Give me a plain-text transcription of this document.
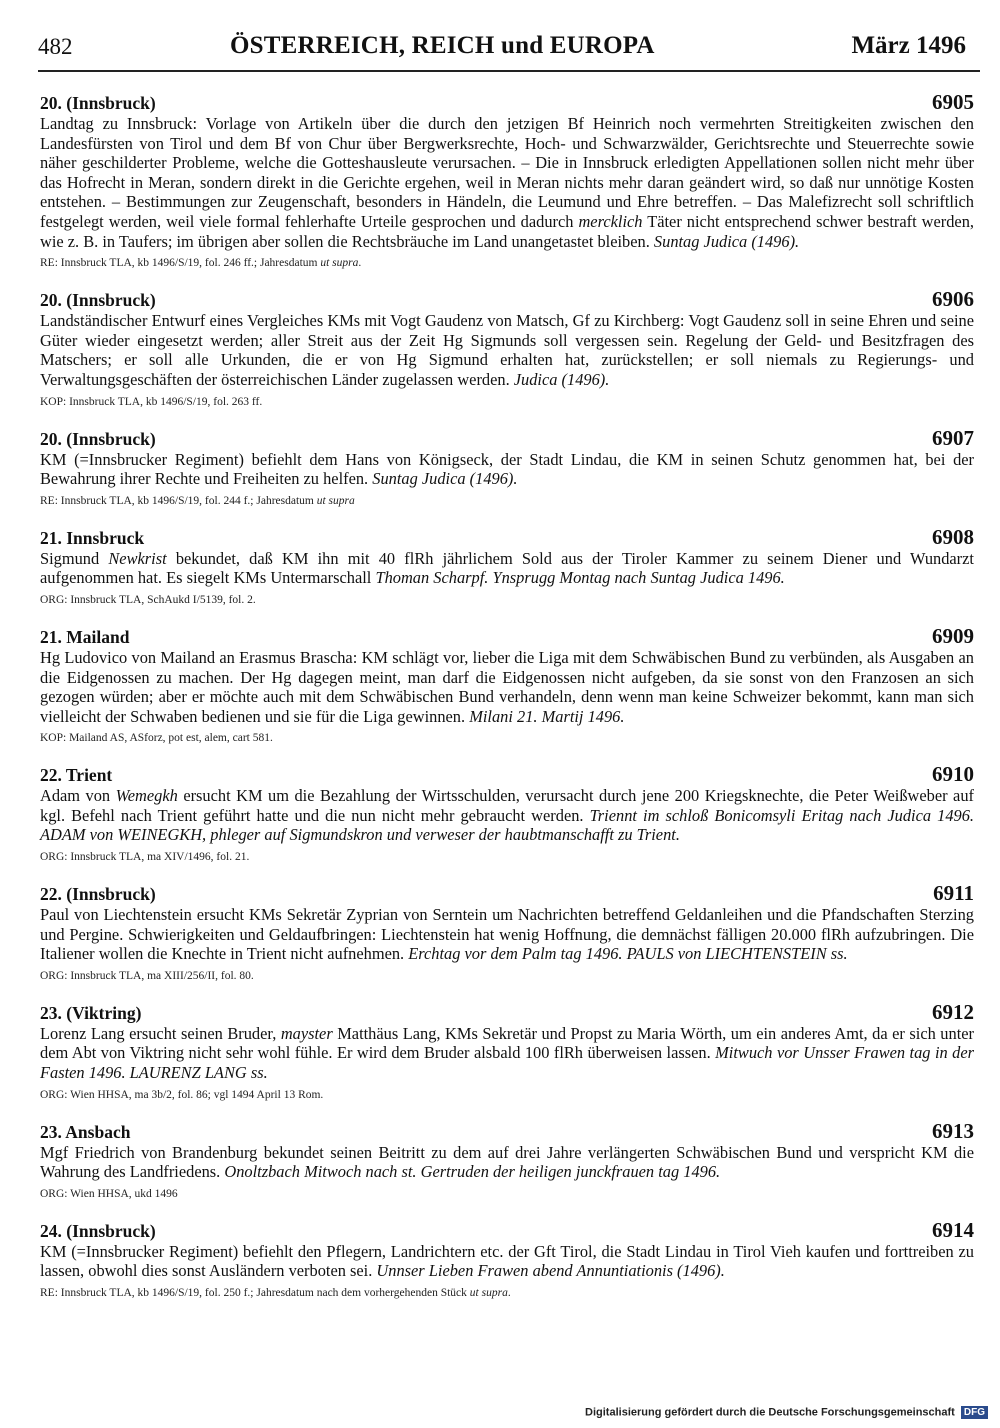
482	ÖSTERREICH, REICH und EUROPA	März 1496
20. (Innsbruck)	6905

Landtag zu Innsbruck: Vorlage von Artikeln über die durch den jetzigen Bf Heinrich noch vermehrten Streitigkeiten zwischen den Landesfürsten von Tirol und dem Bf von Chur über Bergwerksrechte, Hoch- und Schwarzwälder, Gerichtsrechte und Steuerrechte sowie näher geschilderter Probleme, welche die Gotteshausleute verursachen. – Die in Innsbruck erledigten Appellationen sollen nicht mehr über das Hofrecht in Meran, sondern direkt in die Gerichte ergehen, weil in Meran nichts mehr daran geändert wird, so daß nur unnötige Kosten entstehen. – Bestimmungen zur Zeugenschaft, besonders in Händeln, die Leumund und Ehre betreffen. – Das Malefizrecht soll schriftlich festgelegt werden, weil viele formal fehlerhafte Urteile gesprochen und dadurch mercklich Täter nicht entsprechend schwer bestraft werden, wie z. B. in Taufers; im übrigen aber sollen die Rechtsbräuche im Land unangetastet bleiben. Suntag Judica (1496).

RE: Innsbruck TLA, kb 1496/S/19, fol. 246 ff.; Jahresdatum ut supra.
20. (Innsbruck)	6906

Landständischer Entwurf eines Vergleiches KMs mit Vogt Gaudenz von Matsch, Gf zu Kirchberg: Vogt Gaudenz soll in seine Ehren und seine Güter wieder eingesetzt werden; aller Streit aus der Zeit Hg Sigmunds soll vergessen sein. Regelung der Geld- und Besitzfragen des Matschers; er soll alle Urkunden, die er von Hg Sigmund erhalten hat, zurückstellen; er soll niemals zu Regierungs- und Verwaltungsgeschäften der österreichischen Länder zugelassen werden. Judica (1496).

KOP: Innsbruck TLA, kb 1496/S/19, fol. 263 ff.
20. (Innsbruck)	6907

KM (=Innsbrucker Regiment) befiehlt dem Hans von Königseck, der Stadt Lindau, die KM in seinen Schutz genommen hat, bei der Bewahrung ihrer Rechte und Freiheiten zu helfen. Suntag Judica (1496).

RE: Innsbruck TLA, kb 1496/S/19, fol. 244 f.; Jahresdatum ut supra
21. Innsbruck	6908

Sigmund Newkrist bekundet, daß KM ihn mit 40 flRh jährlichem Sold aus der Tiroler Kammer zu seinem Diener und Wundarzt aufgenommen hat. Es siegelt KMs Untermarschall Thoman Scharpf. Ynsprugg Montag nach Suntag Judica 1496.

ORG: Innsbruck TLA, SchAukd I/5139, fol. 2.
21. Mailand	6909

Hg Ludovico von Mailand an Erasmus Brascha: KM schlägt vor, lieber die Liga mit dem Schwäbischen Bund zu verbünden, als Ausgaben an die Eidgenossen zu machen. Der Hg dagegen meint, man darf die Eidgenossen nicht aufgeben, da sie sonst von den Franzosen an sich gezogen würden; aber er möchte auch mit dem Schwäbischen Bund verhandeln, denn wenn man keine Schweizer bekommt, kann man sich vielleicht der Schwaben bedienen und sie für die Liga gewinnen. Milani 21. Martij 1496.

KOP: Mailand AS, ASforz, pot est, alem, cart 581.
22. Trient	6910

Adam von Wemegkh ersucht KM um die Bezahlung der Wirtsschulden, verursacht durch jene 200 Kriegsknechte, die Peter Weißweber auf kgl. Befehl nach Trient geführt hatte und die nun nicht mehr gebraucht werden. Triennt im schloß Bonicomsyli Eritag nach Judica 1496. ADAM von WEINEGKH, phleger auf Sigmundskron und verweser der haubtmanschafft zu Trient.

ORG: Innsbruck TLA, ma XIV/1496, fol. 21.
22. (Innsbruck)	6911

Paul von Liechtenstein ersucht KMs Sekretär Zyprian von Serntein um Nachrichten betreffend Geldanleihen und die Pfandschaften Sterzing und Pergine. Schwierigkeiten und Geldaufbringen: Liechtenstein hat wenig Hoffnung, die demnächst fälligen 20.000 flRh aufzubringen. Die Italiener wollen die Knechte in Trient nicht aufnehmen. Erchtag vor dem Palm tag 1496. PAULS von LIECHTENSTEIN ss.

ORG: Innsbruck TLA, ma XIII/256/II, fol. 80.
23. (Viktring)	6912

Lorenz Lang ersucht seinen Bruder, mayster Matthäus Lang, KMs Sekretär und Propst zu Maria Wörth, um ein anderes Amt, da er sich unter dem Abt von Viktring nicht sehr wohl fühle. Er wird dem Bruder alsbald 100 flRh überweisen lassen. Mitwuch vor Unsser Frawen tag in der Fasten 1496. LAURENZ LANG ss.

ORG: Wien HHSA, ma 3b/2, fol. 86; vgl 1494 April 13 Rom.
23. Ansbach	6913

Mgf Friedrich von Brandenburg bekundet seinen Beitritt zu dem auf drei Jahre verlängerten Schwäbischen Bund und verspricht KM die Wahrung des Landfriedens. Onoltzbach Mitwoch nach st. Gertruden der heiligen junckfrauen tag 1496.

ORG: Wien HHSA, ukd 1496
24. (Innsbruck)	6914

KM (=Innsbrucker Regiment) befiehlt den Pflegern, Landrichtern etc. der Gft Tirol, die Stadt Lindau in Tirol Vieh kaufen und forttreiben zu lassen, obwohl dies sonst Ausländern verboten sei. Unnser Lieben Frawen abend Annuntiationis (1496).

RE: Innsbruck TLA, kb 1496/S/19, fol. 250 f.; Jahresdatum nach dem vorhergehenden Stück ut supra.
Digitalisierung gefördert durch die Deutsche Forschungsgemeinschaft DFG
